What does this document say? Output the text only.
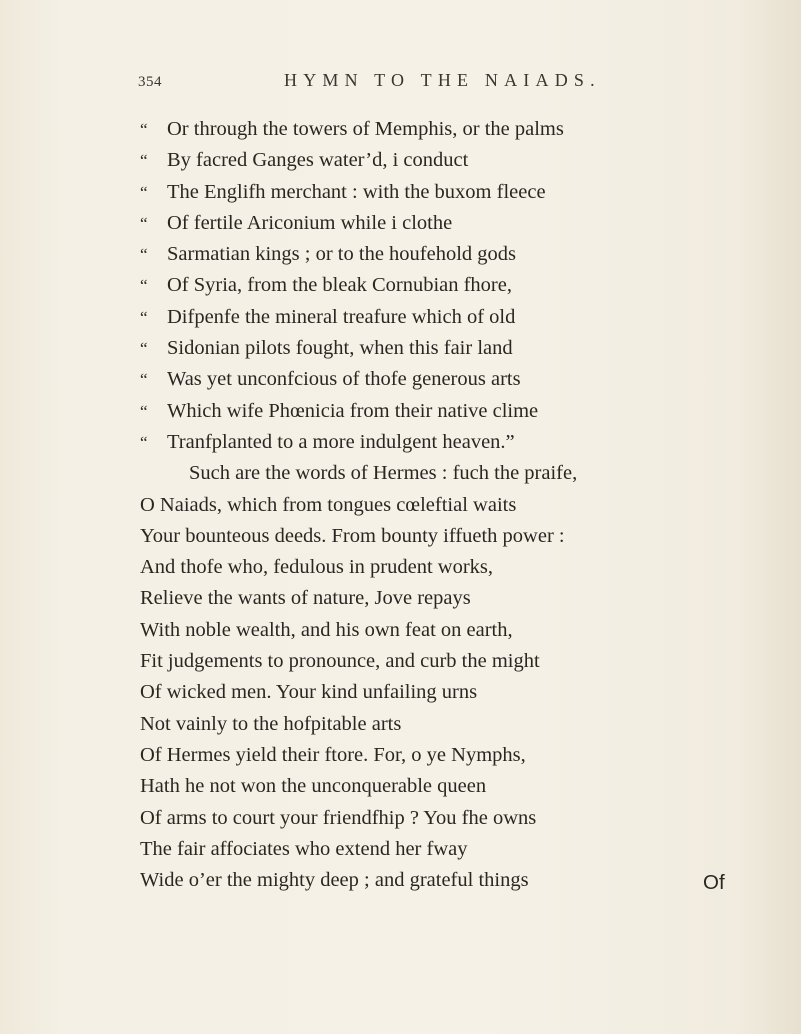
354	HYMN TO THE NAIADS.
“ Or through the towers of Memphis, or the palms
“ By facred Ganges water’d, i conduct
“ The Englifh merchant : with the buxom fleece
“ Of fertile Ariconium while i clothe
“ Sarmatian kings ; or to the houfehold gods
“ Of Syria, from the bleak Cornubian fhore,
“ Difpenfe the mineral treafure which of old
“ Sidonian pilots fought, when this fair land
“ Was yet unconfcious of thofe generous arts
“ Which wife Phœnicia from their native clime
“ Tranfplanted to a more indulgent heaven.”
Such are the words of Hermes : fuch the praife,
O Naiads, which from tongues cœleftial waits
Your bounteous deeds. From bounty iffueth power :
And thofe who, fedulous in prudent works,
Relieve the wants of nature, Jove repays
With noble wealth, and his own feat on earth,
Fit judgements to pronounce, and curb the might
Of wicked men. Your kind unfailing urns
Not vainly to the hofpitable arts
Of Hermes yield their ftore. For, o ye Nymphs,
Hath he not won the unconquerable queen
Of arms to court your friendfhip ? You fhe owns
The fair affociates who extend her fway
Wide o’er the mighty deep ; and grateful things	Of
